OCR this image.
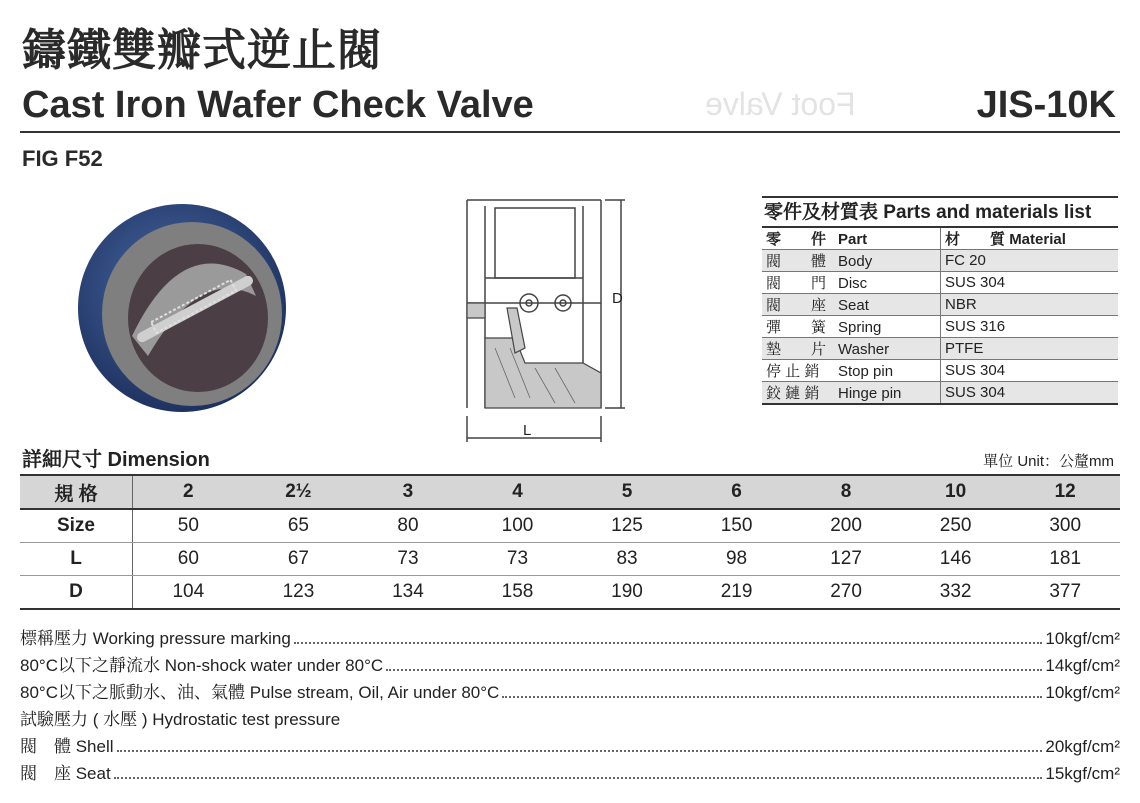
鑄鐵雙瓣式逆止閥
Foot Valve
Cast Iron Wafer Check Valve	JIS-10K
FIG F52
D
L
零件及材質表 Parts and materials list
零　　件 Part	材　　質 Material
閥　　體 Body	FC 20
閥　　門 Disc	SUS 304
閥　　座 Seat	NBR
彈　　簧 Spring	SUS 316
墊　　片 Washer	PTFE
停 止 銷 Stop pin	SUS 304
鉸 鏈 銷 Hinge pin	SUS 304
詳細尺寸 Dimension	單位 Unit：公釐mm
規 格	2	2½	3	4	5	6	8	10	12
Size	50	65	80	100	125	150	200	250	300
L	60	67	73	73	83	98	127	146	181
D	104	123	134	158	190	219	270	332	377
標稱壓力 Working pressure marking	10kgf/cm²
80°C以下之靜流水 Non-shock water under 80°C	14kgf/cm²
80°C以下之脈動水、油、氣體 Pulse stream, Oil, Air under 80°C	10kgf/cm²
試驗壓力 ( 水壓 ) Hydrostatic test pressure
閥　體 Shell	20kgf/cm²
閥　座 Seat	15kgf/cm²
